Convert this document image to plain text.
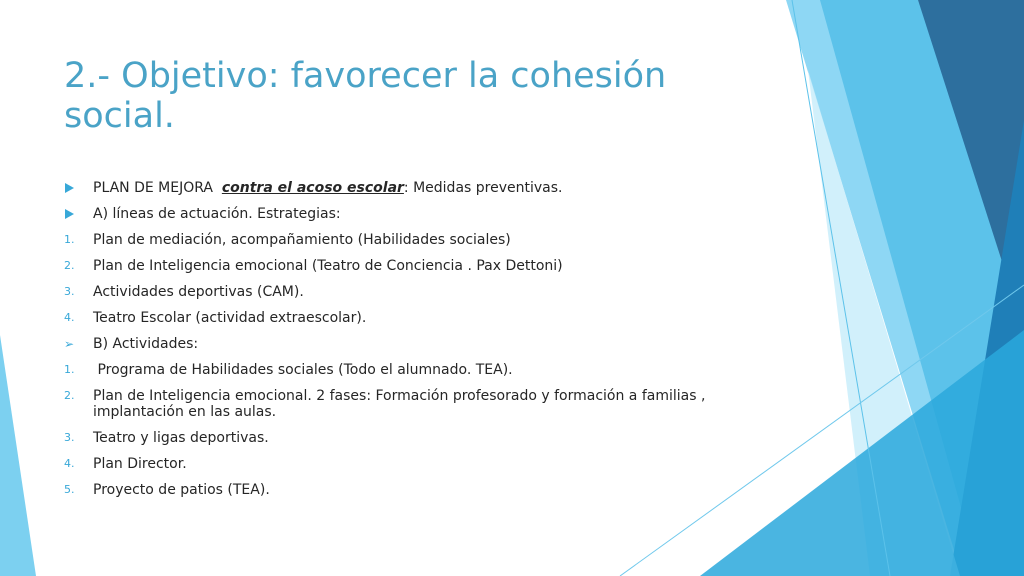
2.- Objetivo: favorecer la cohesión social.
PLAN DE MEJORA  contra el acoso escolar: Medidas preventivas.
A) líneas de actuación. Estrategias:
1.	Plan de mediación, acompañamiento (Habilidades sociales)
2.	Plan de Inteligencia emocional (Teatro de Conciencia . Pax Dettoni)
3.	Actividades deportivas (CAM).
4.	Teatro Escolar (actividad extraescolar).
➢ B) Actividades:
1.	Programa de Habilidades sociales (Todo el alumnado. TEA).
2.	Plan de Inteligencia emocional. 2 fases: Formación profesorado y formación a familias , implantación en las aulas.
3.	Teatro y ligas deportivas.
4.	Plan Director.
5.	Proyecto de patios (TEA).
